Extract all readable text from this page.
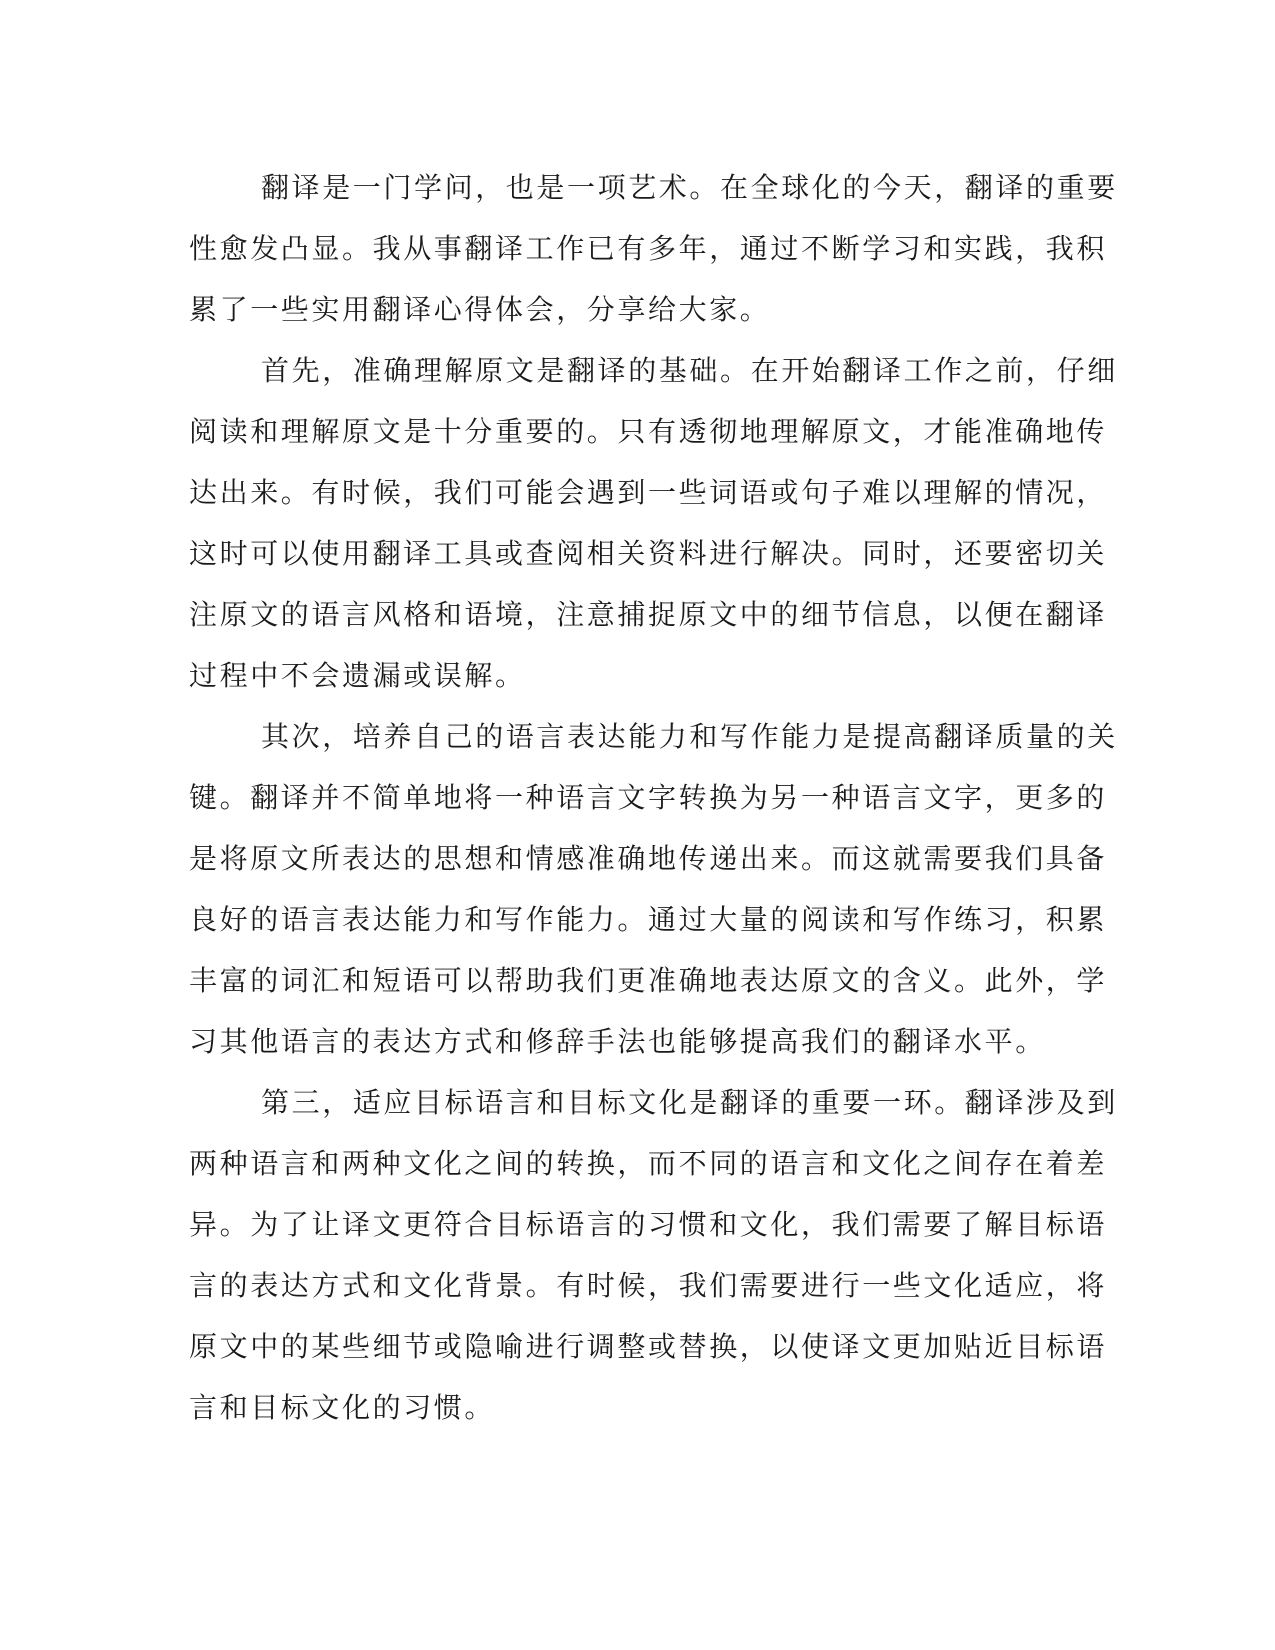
翻译是一门学问，也是一项艺术。在全球化的今天，翻译的重要
性愈发凸显。我从事翻译工作已有多年，通过不断学习和实践，我积
累了一些实用翻译心得体会，分享给大家。
首先，准确理解原文是翻译的基础。在开始翻译工作之前，仔细
阅读和理解原文是十分重要的。只有透彻地理解原文，才能准确地传
达出来。有时候，我们可能会遇到一些词语或句子难以理解的情况，
这时可以使用翻译工具或查阅相关资料进行解决。同时，还要密切关
注原文的语言风格和语境，注意捕捉原文中的细节信息，以便在翻译
过程中不会遗漏或误解。
其次，培养自己的语言表达能力和写作能力是提高翻译质量的关
键。翻译并不简单地将一种语言文字转换为另一种语言文字，更多的
是将原文所表达的思想和情感准确地传递出来。而这就需要我们具备
良好的语言表达能力和写作能力。通过大量的阅读和写作练习，积累
丰富的词汇和短语可以帮助我们更准确地表达原文的含义。此外，学
习其他语言的表达方式和修辞手法也能够提高我们的翻译水平。
第三，适应目标语言和目标文化是翻译的重要一环。翻译涉及到
两种语言和两种文化之间的转换，而不同的语言和文化之间存在着差
异。为了让译文更符合目标语言的习惯和文化，我们需要了解目标语
言的表达方式和文化背景。有时候，我们需要进行一些文化适应，将
原文中的某些细节或隐喻进行调整或替换，以使译文更加贴近目标语
言和目标文化的习惯。
